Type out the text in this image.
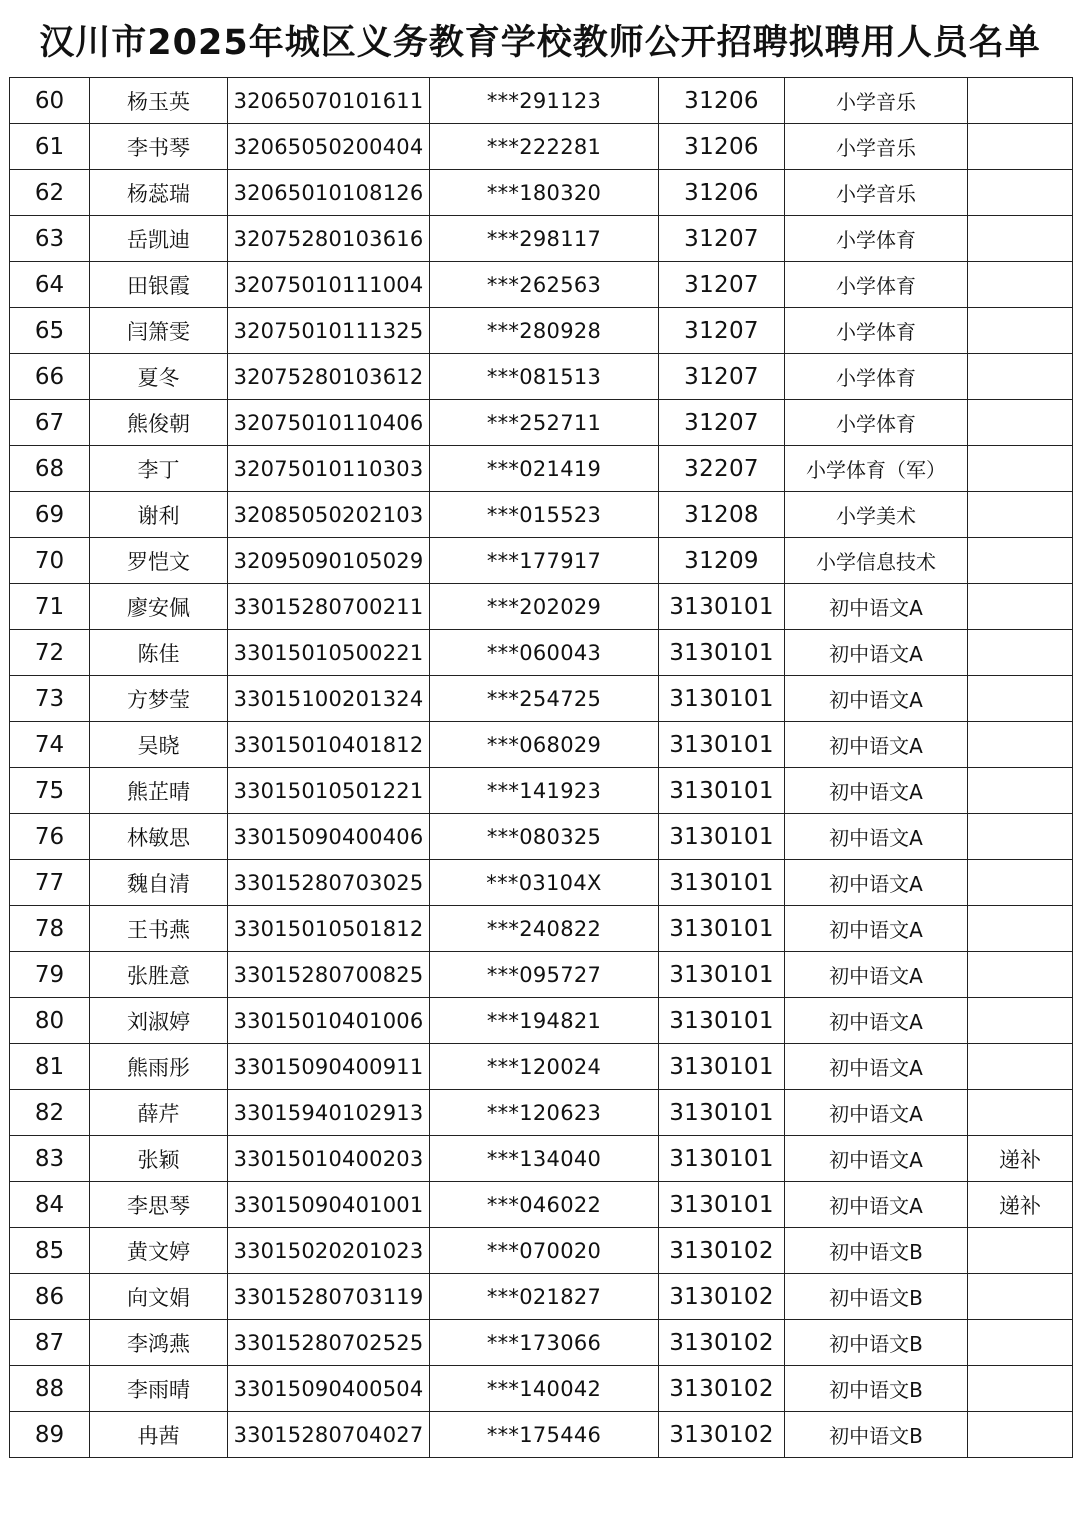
汉川市2025年城区义务教育学校教师公开招聘拟聘用人员名单
60	杨玉英	32065070101611	***291123	31206	小学音乐	
61	李书琴	32065050200404	***222281	31206	小学音乐	
62	杨蕊瑞	32065010108126	***180320	31206	小学音乐	
63	岳凯迪	32075280103616	***298117	31207	小学体育	
64	田银霞	32075010111004	***262563	31207	小学体育	
65	闫箫雯	32075010111325	***280928	31207	小学体育	
66	夏冬	32075280103612	***081513	31207	小学体育	
67	熊俊朝	32075010110406	***252711	31207	小学体育	
68	李丁	32075010110303	***021419	32207	小学体育（军）	
69	谢利	32085050202103	***015523	31208	小学美术	
70	罗恺文	32095090105029	***177917	31209	小学信息技术	
71	廖安佩	33015280700211	***202029	3130101	初中语文A	
72	陈佳	33015010500221	***060043	3130101	初中语文A	
73	方梦莹	33015100201324	***254725	3130101	初中语文A	
74	吴晓	33015010401812	***068029	3130101	初中语文A	
75	熊芷晴	33015010501221	***141923	3130101	初中语文A	
76	林敏思	33015090400406	***080325	3130101	初中语文A	
77	魏自清	33015280703025	***03104X	3130101	初中语文A	
78	王书燕	33015010501812	***240822	3130101	初中语文A	
79	张胜意	33015280700825	***095727	3130101	初中语文A	
80	刘淑婷	33015010401006	***194821	3130101	初中语文A	
81	熊雨彤	33015090400911	***120024	3130101	初中语文A	
82	薛芹	33015940102913	***120623	3130101	初中语文A	
83	张颖	33015010400203	***134040	3130101	初中语文A	递补
84	李思琴	33015090401001	***046022	3130101	初中语文A	递补
85	黄文婷	33015020201023	***070020	3130102	初中语文B	
86	向文娟	33015280703119	***021827	3130102	初中语文B	
87	李鸿燕	33015280702525	***173066	3130102	初中语文B	
88	李雨晴	33015090400504	***140042	3130102	初中语文B	
89	冉茜	33015280704027	***175446	3130102	初中语文B	
